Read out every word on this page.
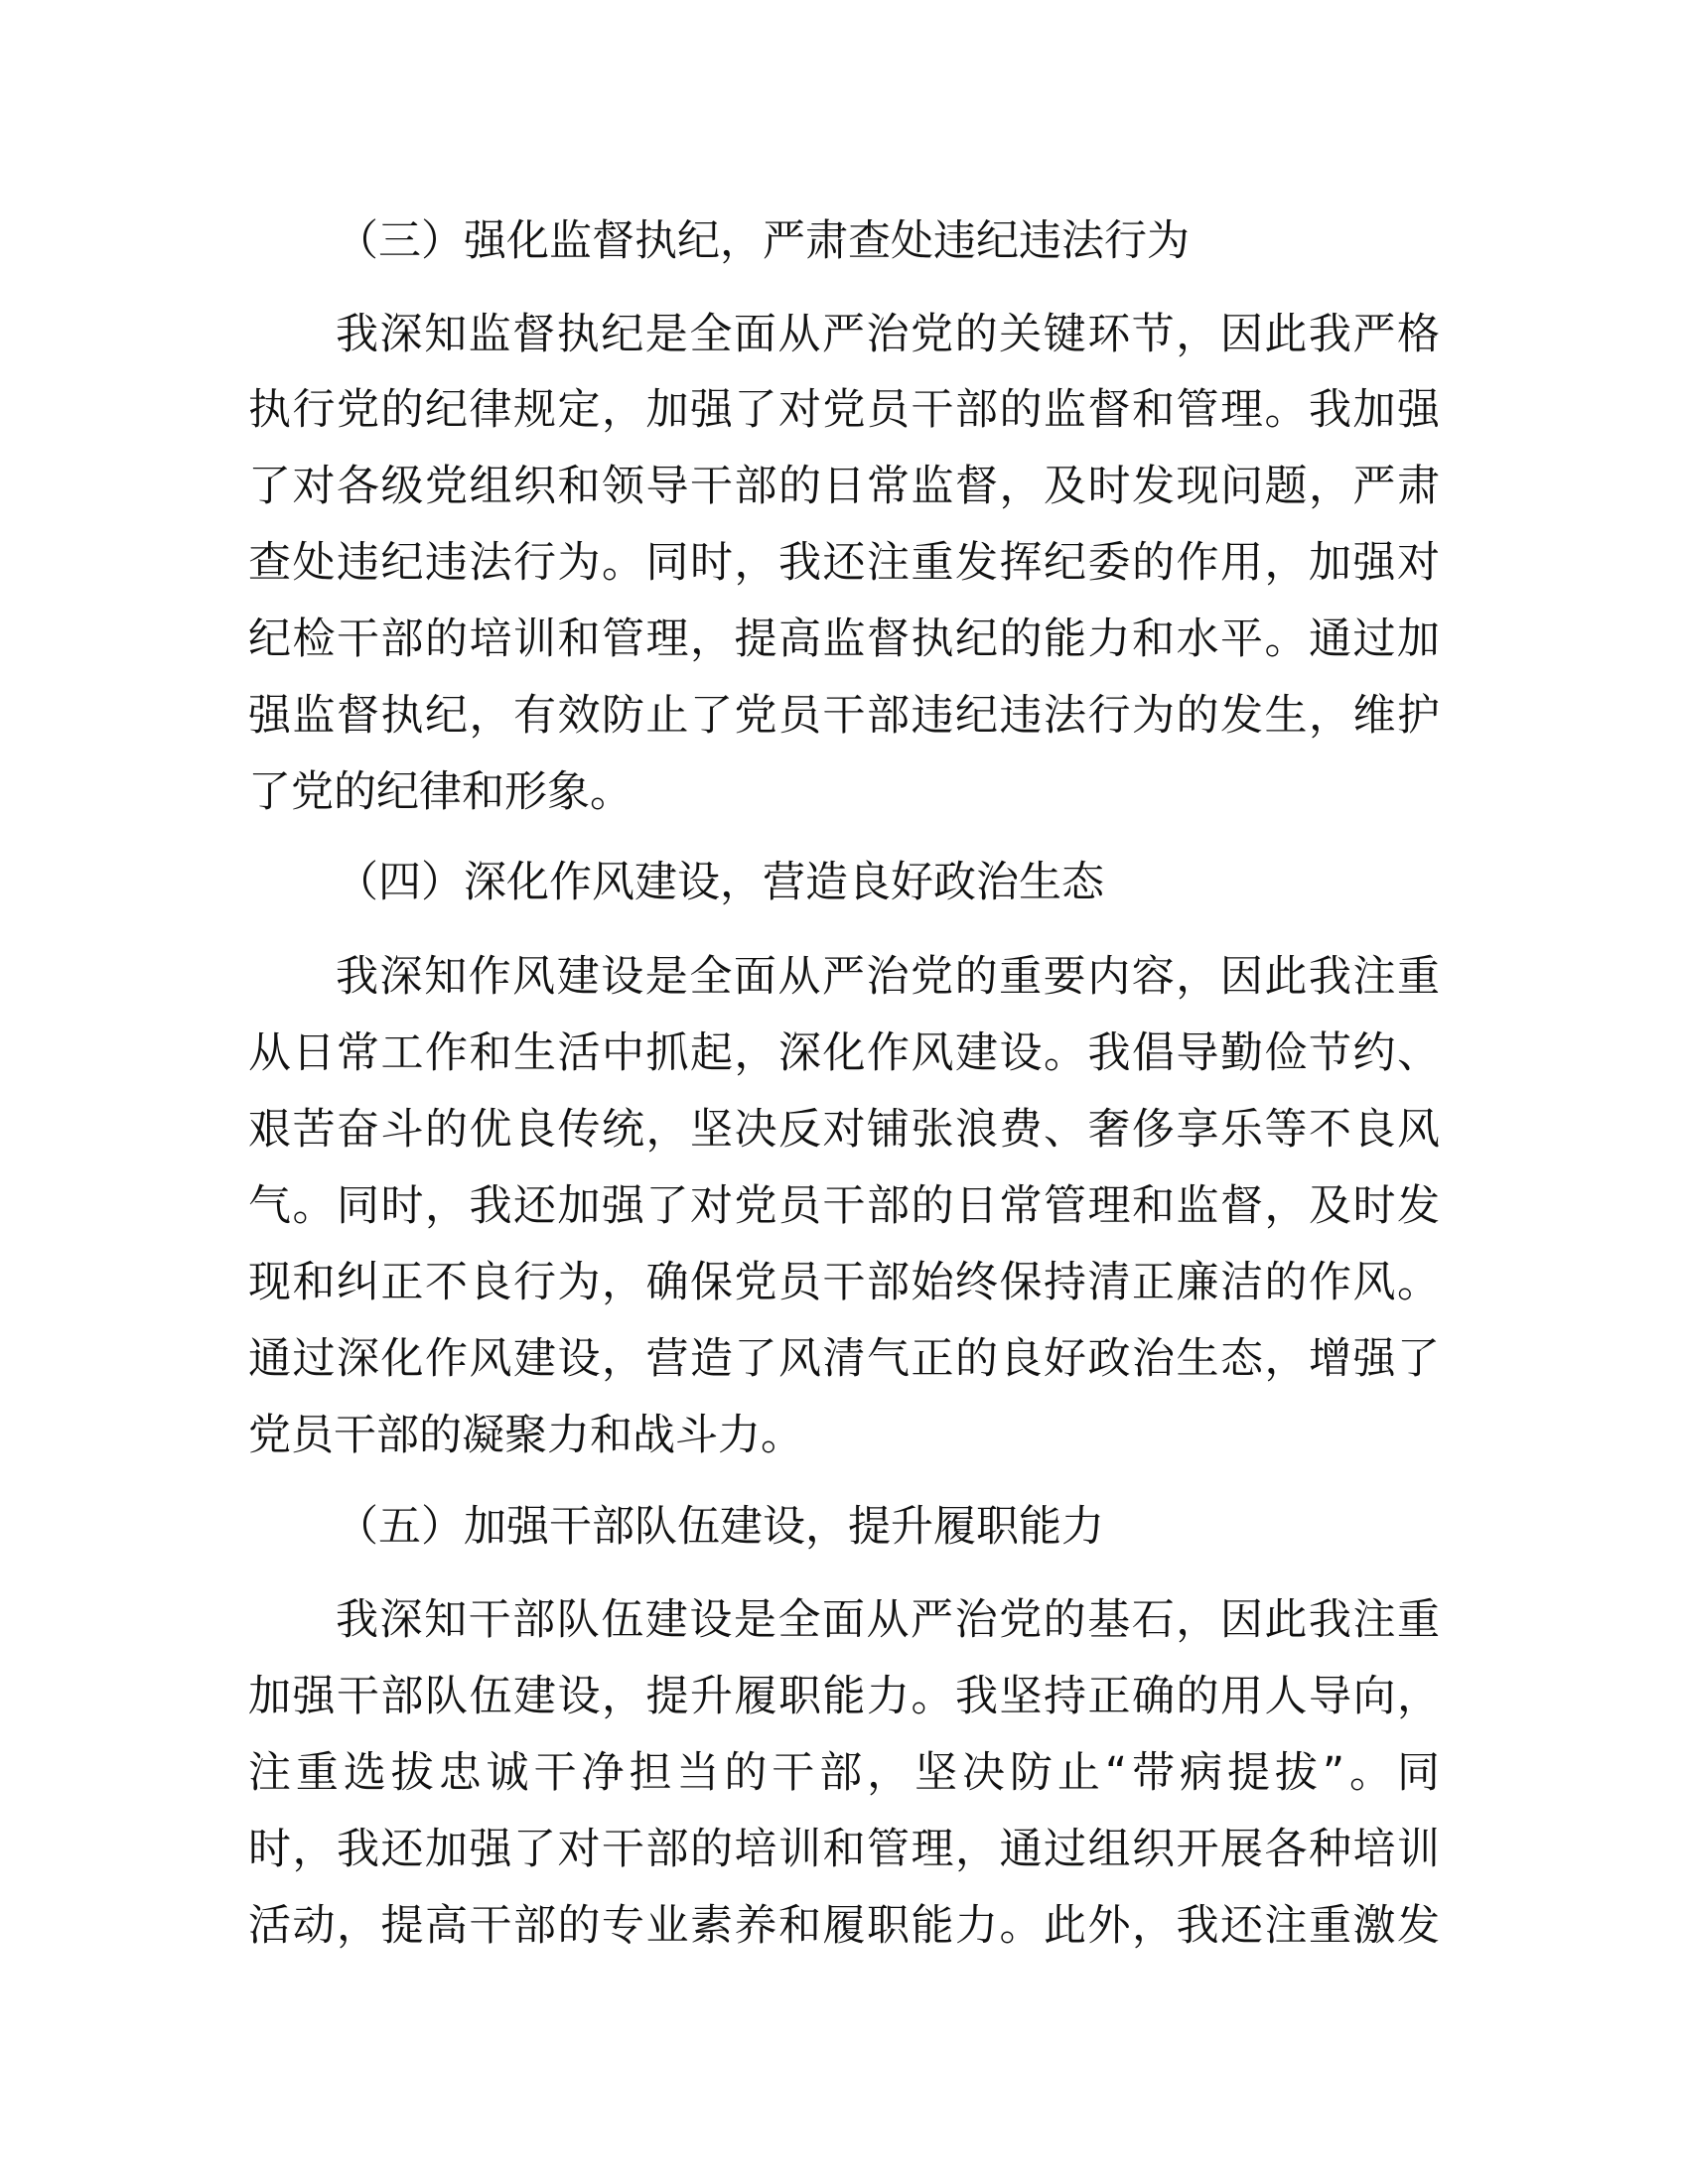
（三）强化监督执纪，严肃查处违纪违法行为
我深知监督执纪是全面从严治党的关键环节，因此我严格
执行党的纪律规定，加强了对党员干部的监督和管理。我加强
了对各级党组织和领导干部的日常监督，及时发现问题，严肃
查处违纪违法行为。同时，我还注重发挥纪委的作用，加强对
纪检干部的培训和管理，提高监督执纪的能力和水平。通过加
强监督执纪，有效防止了党员干部违纪违法行为的发生，维护
了党的纪律和形象。
（四）深化作风建设，营造良好政治生态
我深知作风建设是全面从严治党的重要内容，因此我注重
从日常工作和生活中抓起，深化作风建设。我倡导勤俭节约、
艰苦奋斗的优良传统，坚决反对铺张浪费、奢侈享乐等不良风
气。同时，我还加强了对党员干部的日常管理和监督，及时发
现和纠正不良行为，确保党员干部始终保持清正廉洁的作风。
通过深化作风建设，营造了风清气正的良好政治生态，增强了
党员干部的凝聚力和战斗力。
（五）加强干部队伍建设，提升履职能力
我深知干部队伍建设是全面从严治党的基石，因此我注重
加强干部队伍建设，提升履职能力。我坚持正确的用人导向，
注重选拔忠诚干净担当的干部，坚决防止“带病提拔”。同
时，我还加强了对干部的培训和管理，通过组织开展各种培训
活动，提高干部的专业素养和履职能力。此外，我还注重激发
